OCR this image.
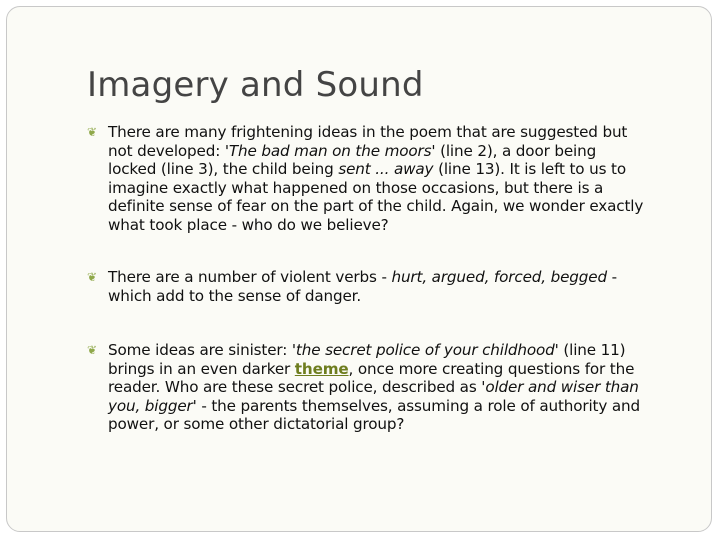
Imagery and Sound
❦ There are many frightening ideas in the poem that are suggested but
not developed: 'The bad man on the moors' (line 2), a door being
locked (line 3), the child being sent ... away (line 13). It is left to us to
imagine exactly what happened on those occasions, but there is a
definite sense of fear on the part of the child. Again, we wonder exactly
what took place - who do we believe?
❦ There are a number of violent verbs - hurt, argued, forced, begged -
which add to the sense of danger.
❦ Some ideas are sinister: 'the secret police of your childhood' (line 11)
brings in an even darker theme, once more creating questions for the
reader. Who are these secret police, described as 'older and wiser than
you, bigger' - the parents themselves, assuming a role of authority and
power, or some other dictatorial group?
